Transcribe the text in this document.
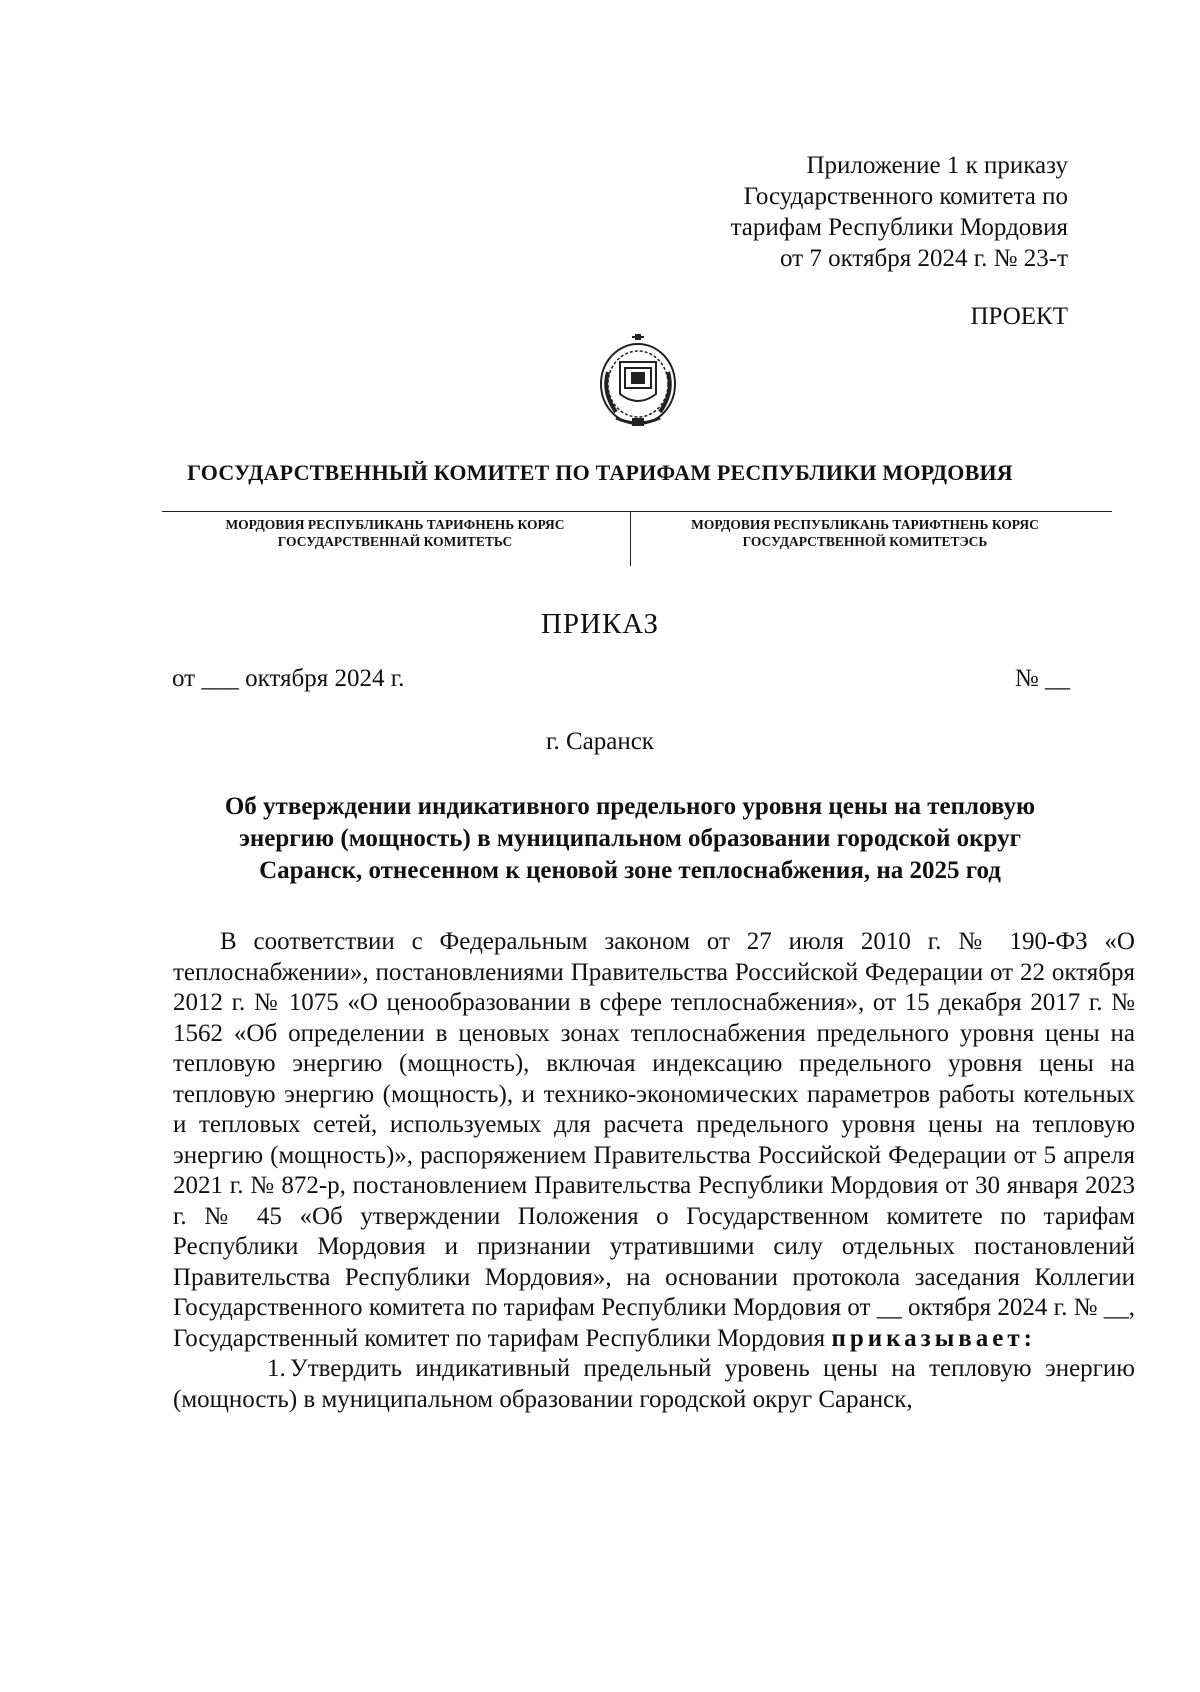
Приложение 1 к приказу
Государственного комитета по
тарифам Республики Мордовия
от 7 октября 2024 г. № 23-т
ПРОЕКТ
ГОСУДАРСТВЕННЫЙ КОМИТЕТ ПО ТАРИФАМ РЕСПУБЛИКИ МОРДОВИЯ
МОРДОВИЯ РЕСПУБЛИКАНЬ ТАРИФНЕНЬ КОРЯС
ГОСУДАРСТВЕННАЙ КОМИТЕТЬС
МОРДОВИЯ РЕСПУБЛИКАНЬ ТАРИФТНЕНЬ КОРЯС
ГОСУДАРСТВЕННОЙ КОМИТЕТЭСЬ
ПРИКАЗ
от ___ октября 2024 г.	№ __
г. Саранск
Об утверждении индикативного предельного уровня цены на тепловую
энергию (мощность) в муниципальном образовании городской округ
Саранск, отнесенном к ценовой зоне теплоснабжения, на 2025 год

В соответствии с Федеральным законом от 27 июля 2010 г. № 190-ФЗ «О теплоснабжении», постановлениями Правительства Российской Федерации от 22 октября 2012 г. № 1075 «О ценообразовании в сфере теплоснабжения», от 15 декабря 2017 г. № 1562 «Об определении в ценовых зонах теплоснабжения предельного уровня цены на тепловую энергию (мощность), включая индексацию предельного уровня цены на тепловую энергию (мощность), и технико-экономических параметров работы котельных и тепловых сетей, используемых для расчета предельного уровня цены на тепловую энергию (мощность)», распоряжением Правительства Российской Федерации от 5 апреля 2021 г. № 872-р, постановлением Правительства Республики Мордовия от 30 января 2023 г. № 45 «Об утверждении Положения о Государственном комитете по тарифам Республики Мордовия и признании утратившими силу отдельных постановлений Правительства Республики Мордовия», на основании протокола заседания Коллегии Государственного комитета по тарифам Республики Мордовия от __ октября 2024 г. № __, Государственный комитет по тарифам Республики Мордовия приказывает:

1. Утвердить индикативный предельный уровень цены на тепловую энергию (мощность) в муниципальном образовании городской округ Саранск,
